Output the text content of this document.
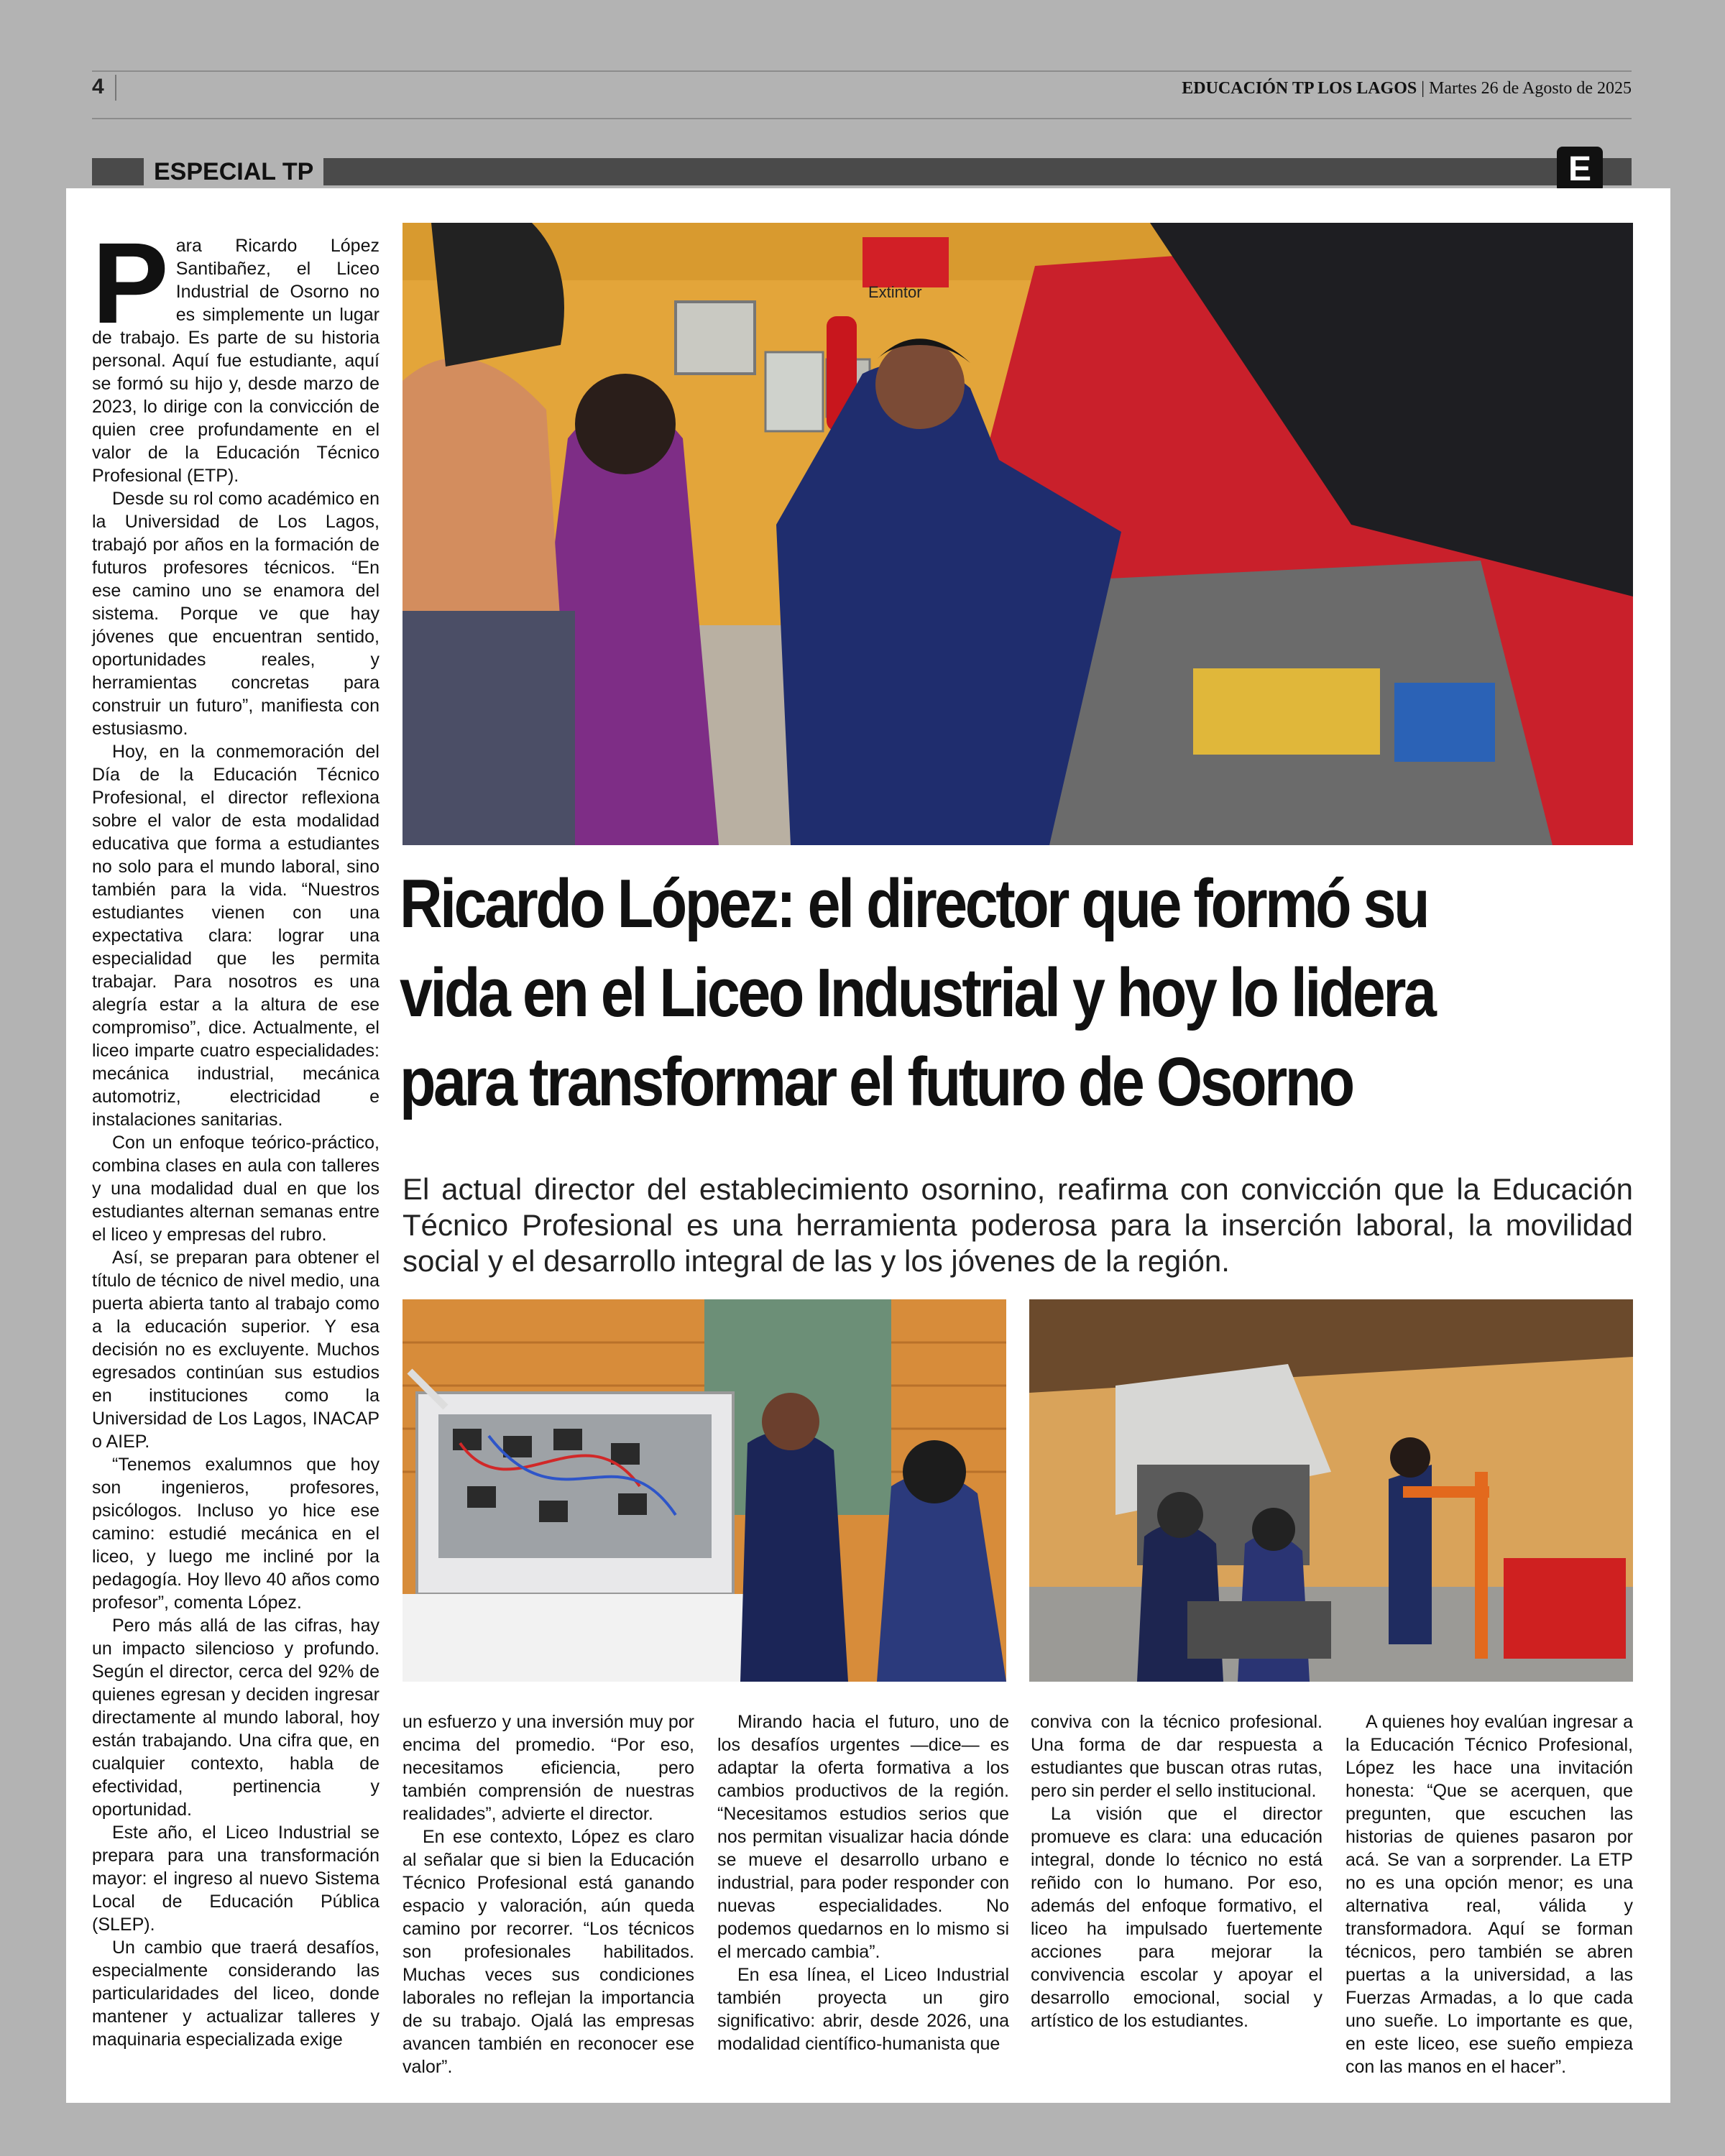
4	EDUCACIÓN TP LOS LAGOS | Martes 26 de Agosto de 2025
ESPECIAL TP	E

Para Ricardo López Santibañez, el Liceo Industrial de Osorno no es simplemente un lugar de trabajo. Es parte de su historia personal. Aquí fue estudiante, aquí se formó su hijo y, desde marzo de 2023, lo dirige con la convicción de quien cree profundamente en el valor de la Educación Técnico Profesional (ETP).

Desde su rol como académico en la Universidad de Los Lagos, trabajó por años en la formación de futuros profesores técnicos. “En ese camino uno se enamora del sistema. Porque ve que hay jóvenes que encuentran sentido, oportunidades reales, y herramientas concretas para construir un futuro”, manifiesta con estusiasmo.

Hoy, en la conmemoración del Día de la Educación Técnico Profesional, el director reflexiona sobre el valor de esta modalidad educativa que forma a estudiantes no solo para el mundo laboral, sino también para la vida. “Nuestros estudiantes vienen con una expectativa clara: lograr una especialidad que les permita trabajar. Para nosotros es una alegría estar a la altura de ese compromiso”, dice. Actualmente, el liceo imparte cuatro especialidades: mecánica industrial, mecánica automotriz, electricidad e instalaciones sanitarias.

Con un enfoque teórico-práctico, combina clases en aula con talleres y una modalidad dual en que los estudiantes alternan semanas entre el liceo y empresas del rubro.

Así, se preparan para obtener el título de técnico de nivel medio, una puerta abierta tanto al trabajo como a la educación superior. Y esa decisión no es excluyente. Muchos egresados continúan sus estudios en instituciones como la Universidad de Los Lagos, INACAP o AIEP.

“Tenemos exalumnos que hoy son ingenieros, profesores, psicólogos. Incluso yo hice ese camino: estudié mecánica en el liceo, y luego me incliné por la pedagogía. Hoy llevo 40 años como profesor”, comenta López.

Pero más allá de las cifras, hay un impacto silencioso y profundo. Según el director, cerca del 92% de quienes egresan y deciden ingresar directamente al mundo laboral, hoy están trabajando. Una cifra que, en cualquier contexto, habla de efectividad, pertinencia y oportunidad.

Este año, el Liceo Industrial se prepara para una transformación mayor: el ingreso al nuevo Sistema Local de Educación Pública (SLEP).

Un cambio que traerá desafíos, especialmente considerando las particularidades del liceo, donde mantener y actualizar talleres y maquinaria especializada exige

Extintor
Ricardo López: el director que formó su
vida en el Liceo Industrial y hoy lo lidera
para transformar el futuro de Osorno
El actual director del establecimiento osornino, reafirma con convicción que la Educación Técnico Profesional es una herramienta poderosa para la inserción laboral, la movilidad social y el desarrollo integral de las y los jóvenes de la región.

un esfuerzo y una inversión muy por encima del promedio. “Por eso, necesitamos eficiencia, pero también comprensión de nuestras realidades”, advierte el director.

En ese contexto, López es claro al señalar que si bien la Educación Técnico Profesional está ganando espacio y valoración, aún queda camino por recorrer. “Los técnicos son profesionales habilitados. Muchas veces sus condiciones laborales no reflejan la importancia de su trabajo. Ojalá las empresas avancen también en reconocer ese valor”.

Mirando hacia el futuro, uno de los desafíos urgentes —dice— es adaptar la oferta formativa a los cambios productivos de la región. “Necesitamos estudios serios que nos permitan visualizar hacia dónde se mueve el desarrollo urbano e industrial, para poder responder con nuevas especialidades. No podemos quedarnos en lo mismo si el mercado cambia”.

En esa línea, el Liceo Industrial también proyecta un giro significativo: abrir, desde 2026, una modalidad científico-humanista que

conviva con la técnico profesional. Una forma de dar respuesta a estudiantes que buscan otras rutas, pero sin perder el sello institucional.

La visión que el director promueve es clara: una educación integral, donde lo técnico no está reñido con lo humano. Por eso, además del enfoque formativo, el liceo ha impulsado fuertemente acciones para mejorar la convivencia escolar y apoyar el desarrollo emocional, social y artístico de los estudiantes.

A quienes hoy evalúan ingresar a la Educación Técnico Profesional, López les hace una invitación honesta: “Que se acerquen, que pregunten, que escuchen las historias de quienes pasaron por acá. Se van a sorprender. La ETP no es una opción menor; es una alternativa real, válida y transformadora. Aquí se forman técnicos, pero también se abren puertas a la universidad, a las Fuerzas Armadas, a lo que cada uno sueñe. Lo importante es que, en este liceo, ese sueño empieza con las manos en el hacer”.
